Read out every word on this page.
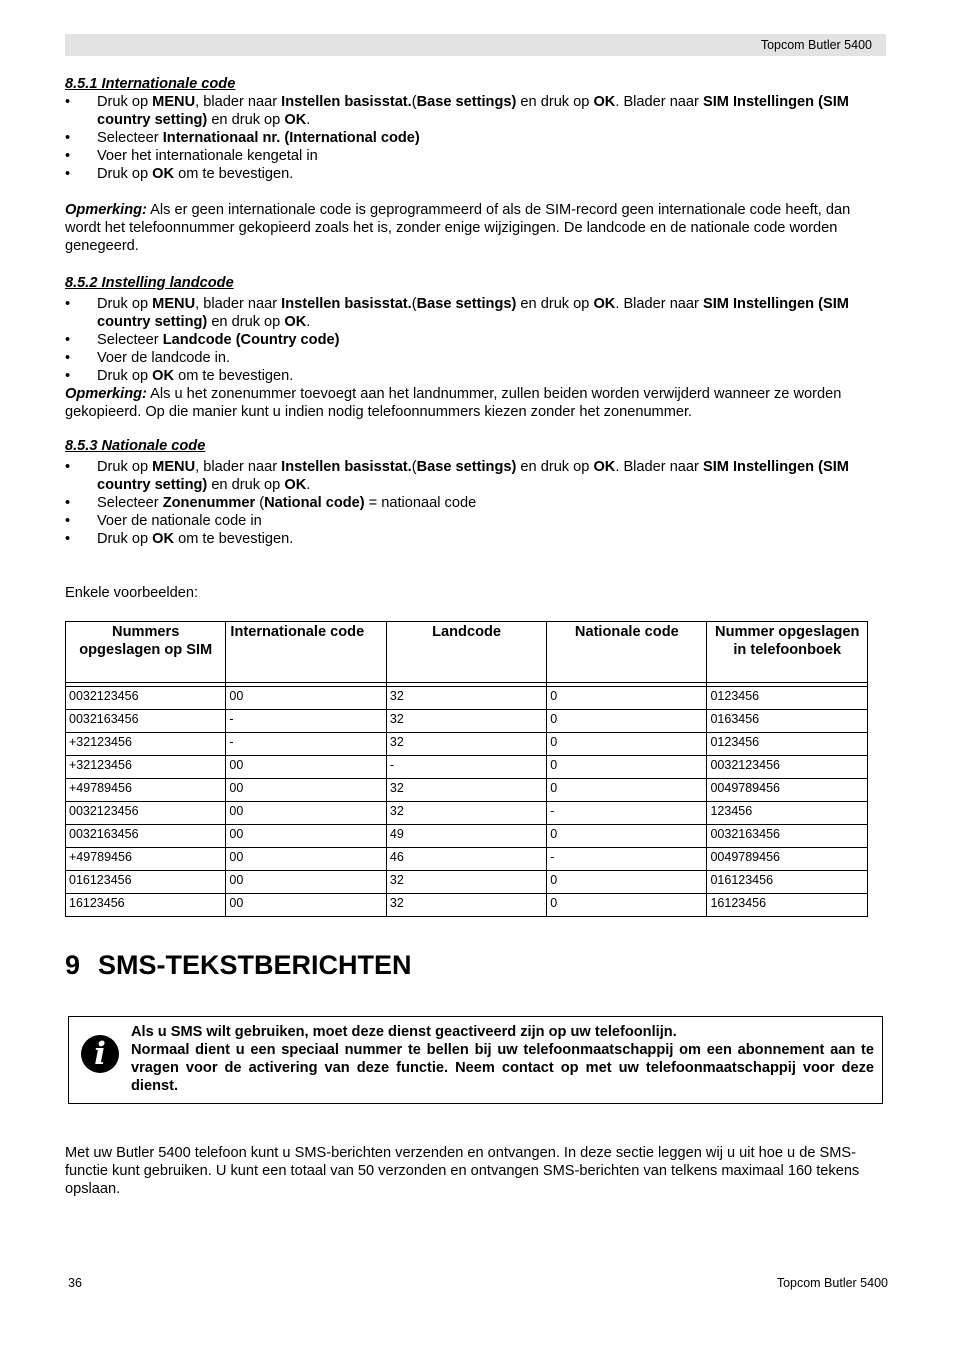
Topcom Butler 5400
8.5.1 Internationale code
• Druk op MENU, blader naar Instellen basisstat.(Base settings) en druk op OK. Blader naar SIM Instellingen (SIM country setting) en druk op OK.
• Selecteer Internationaal nr. (International code)
• Voer het internationale kengetal in
• Druk op OK om te bevestigen.
Opmerking: Als er geen internationale code is geprogrammeerd of als de SIM-record geen internationale code heeft, dan wordt het telefoonnummer gekopieerd zoals het is, zonder enige wijzigingen. De landcode en de nationale code worden genegeerd.
8.5.2 Instelling landcode
• Druk op MENU, blader naar Instellen basisstat.(Base settings) en druk op OK. Blader naar SIM Instellingen (SIM country setting) en druk op OK.
• Selecteer Landcode (Country code)
• Voer de landcode in.
• Druk op OK om te bevestigen.
Opmerking: Als u het zonenummer toevoegt aan het landnummer, zullen beiden worden verwijderd wanneer ze worden gekopieerd. Op die manier kunt u indien nodig telefoonnummers kiezen zonder het zonenummer.
8.5.3 Nationale code
• Druk op MENU, blader naar Instellen basisstat.(Base settings) en druk op OK. Blader naar SIM Instellingen (SIM country setting) en druk op OK.
• Selecteer Zonenummer (National code) = nationaal code
• Voer de nationale code in
• Druk op OK om te bevestigen.
Enkele voorbeelden:
Nummers opgeslagen op SIM	Internationale code	Landcode	Nationale code	Nummer opgeslagen in telefoonboek

0032123456	00	32	0	0123456
0032163456	-	32	0	0163456
+32123456	-	32	0	0123456
+32123456	00	-	0	0032123456
+49789456	00	32	0	0049789456
0032123456	00	32	-	123456
0032163456	00	49	0	0032163456
+49789456	00	46	-	0049789456
016123456	00	32	0	016123456
16123456	00	32	0	16123456
9 SMS-TEKSTBERICHTEN
i
Als u SMS wilt gebruiken, moet deze dienst geactiveerd zijn op uw telefoonlijn.
Normaal dient u een speciaal nummer te bellen bij uw telefoonmaatschappij om een abonnement aan te vragen voor de activering van deze functie. Neem contact op met uw telefoonmaatschappij voor deze dienst.
Met uw Butler 5400 telefoon kunt u SMS-berichten verzenden en ontvangen. In deze sectie leggen wij u uit hoe u de SMS-functie kunt gebruiken. U kunt een totaal van 50 verzonden en ontvangen SMS-berichten van telkens maximaal 160 tekens opslaan.
36	Topcom Butler 5400
